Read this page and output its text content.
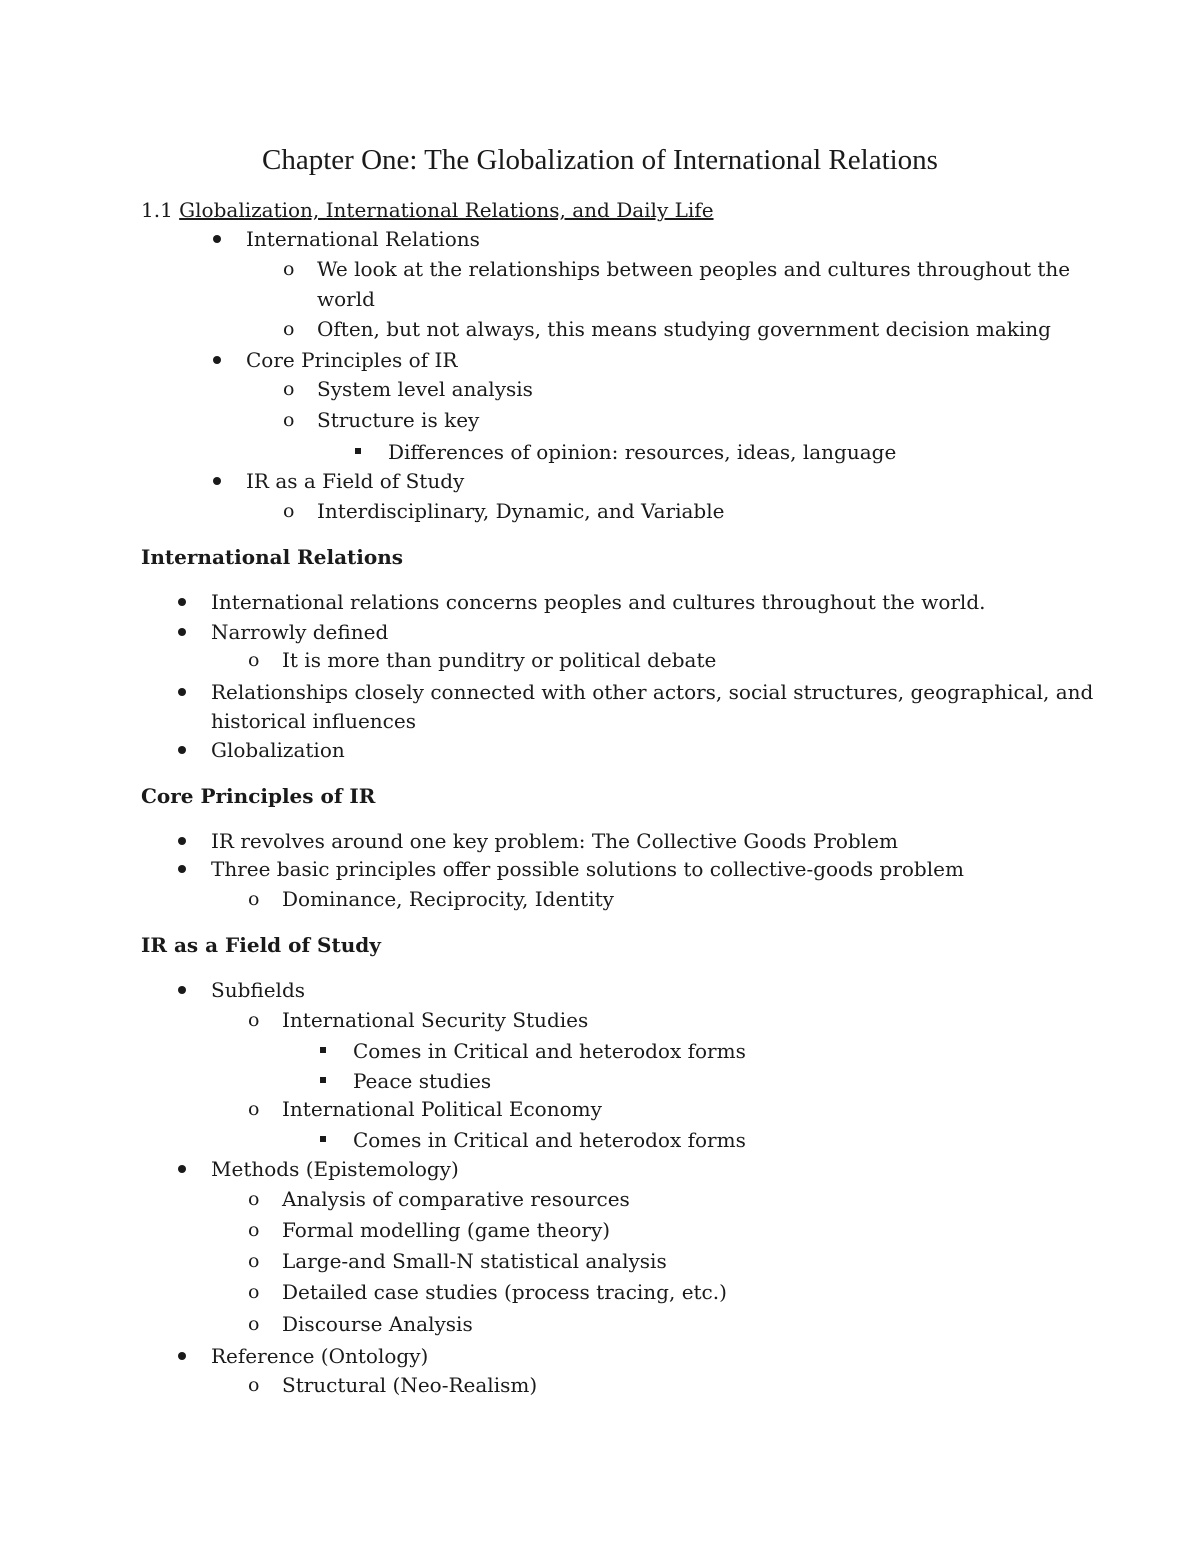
Chapter One: The Globalization of International Relations
1.1 Globalization, International Relations, and Daily Life
International Relations
We look at the relationships between peoples and cultures throughout the
world
Often, but not always, this means studying government decision making
Core Principles of IR
System level analysis
Structure is key
Differences of opinion: resources, ideas, language
IR as a Field of Study
Interdisciplinary, Dynamic, and Variable
International Relations
International relations concerns peoples and cultures throughout the world.
Narrowly defined
It is more than punditry or political debate
Relationships closely connected with other actors, social structures, geographical, and
historical influences
Globalization
Core Principles of IR
IR revolves around one key problem: The Collective Goods Problem
Three basic principles offer possible solutions to collective-goods problem
Dominance, Reciprocity, Identity
IR as a Field of Study
Subfields
International Security Studies
Comes in Critical and heterodox forms
Peace studies
International Political Economy
Comes in Critical and heterodox forms
Methods (Epistemology)
Analysis of comparative resources
Formal modelling (game theory)
Large-and Small-N statistical analysis
Detailed case studies (process tracing, etc.)
Discourse Analysis
Reference (Ontology)
Structural (Neo-Realism)
